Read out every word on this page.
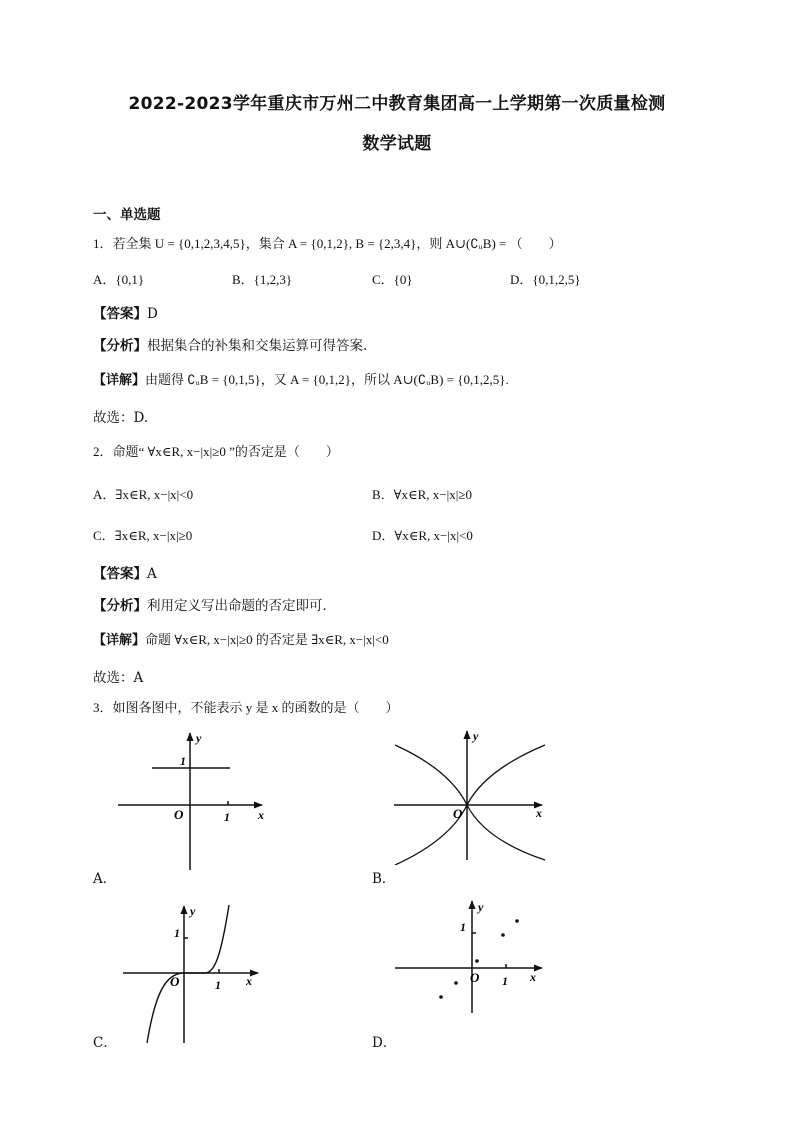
2022-2023学年重庆市万州二中教育集团高一上学期第一次质量检测
数学试题
一、单选题
1．若全集 U = {0,1,2,3,4,5}，集合 A = {0,1,2}, B = {2,3,4}，则 A∪(∁ᵤB) = （　　）
A．{0,1}	B．{1,2,3}	C．{0}	D．{0,1,2,5}
【答案】D
【分析】根据集合的补集和交集运算可得答案.
【详解】由题得 ∁ᵤB = {0,1,5}，又 A = {0,1,2}，所以 A∪(∁ᵤB) = {0,1,2,5}.
故选：D.
2．命题“ ∀x∈R, x−|x|≥0 ”的否定是（　　）
A．∃x∈R, x−|x|<0	B．∀x∈R, x−|x|≥0
C．∃x∈R, x−|x|≥0	D．∀x∈R, x−|x|<0
【答案】A
【分析】利用定义写出命题的否定即可．
【详解】命题 ∀x∈R, x−|x|≥0 的否定是 ∃x∈R, x−|x|<0
故选：A
3．如图各图中，不能表示 y 是 x 的函数的是（　　）
y
x
O	1
1
A．
y
x
O
B．
y
x
O	1
1
C．
y
x
O 1
1
D．
